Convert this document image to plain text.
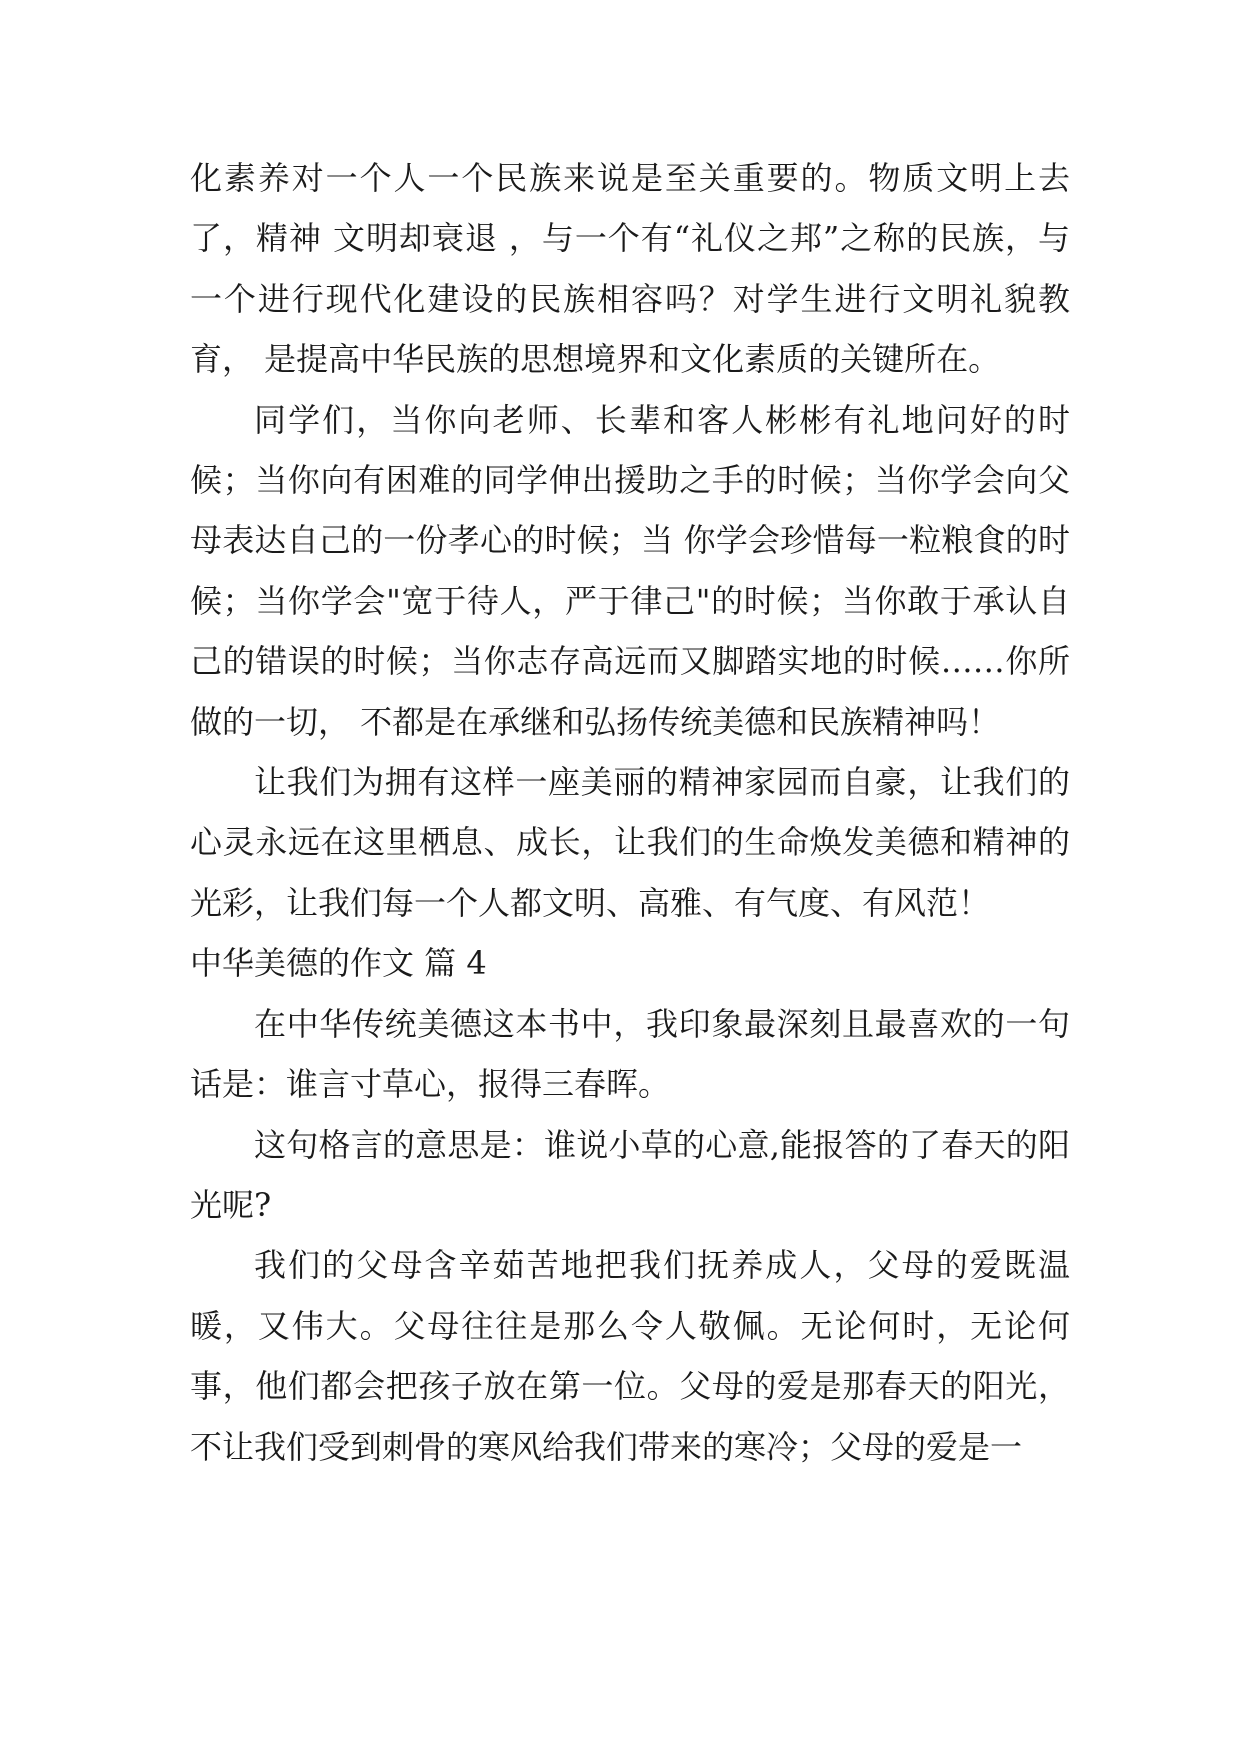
化素养对一个人一个民族来说是至关重要的。物质文明上去了，精神 文明却衰退 ，与一个有“礼仪之邦”之称的民族，与一个进行现代化建设的民族相容吗？对学生进行文明礼貌教育， 是提高中华民族的思想境界和文化素质的关键所在。

同学们，当你向老师、长辈和客人彬彬有礼地问好的时候；当你向有困难的同学伸出援助之手的时候；当你学会向父母表达自己的一份孝心的时候；当 你学会珍惜每一粒粮食的时候；当你学会"宽于待人，严于律己"的时候；当你敢于承认自己的错误的时候；当你志存高远而又脚踏实地的时候……你所做的一切， 不都是在承继和弘扬传统美德和民族精神吗！

让我们为拥有这样一座美丽的精神家园而自豪，让我们的心灵永远在这里栖息、成长，让我们的生命焕发美德和精神的光彩，让我们每一个人都文明、高雅、有气度、有风范！

中华美德的作文 篇 4

在中华传统美德这本书中，我印象最深刻且最喜欢的一句话是：谁言寸草心，报得三春晖。

这句格言的意思是：谁说小草的心意,能报答的了春天的阳光呢?

我们的父母含辛茹苦地把我们抚养成人，父母的爱既温暖，又伟大。父母往往是那么令人敬佩。无论何时，无论何事，他们都会把孩子放在第一位。父母的爱是那春天的阳光，不让我们受到刺骨的寒风给我们带来的寒冷；父母的爱是一
